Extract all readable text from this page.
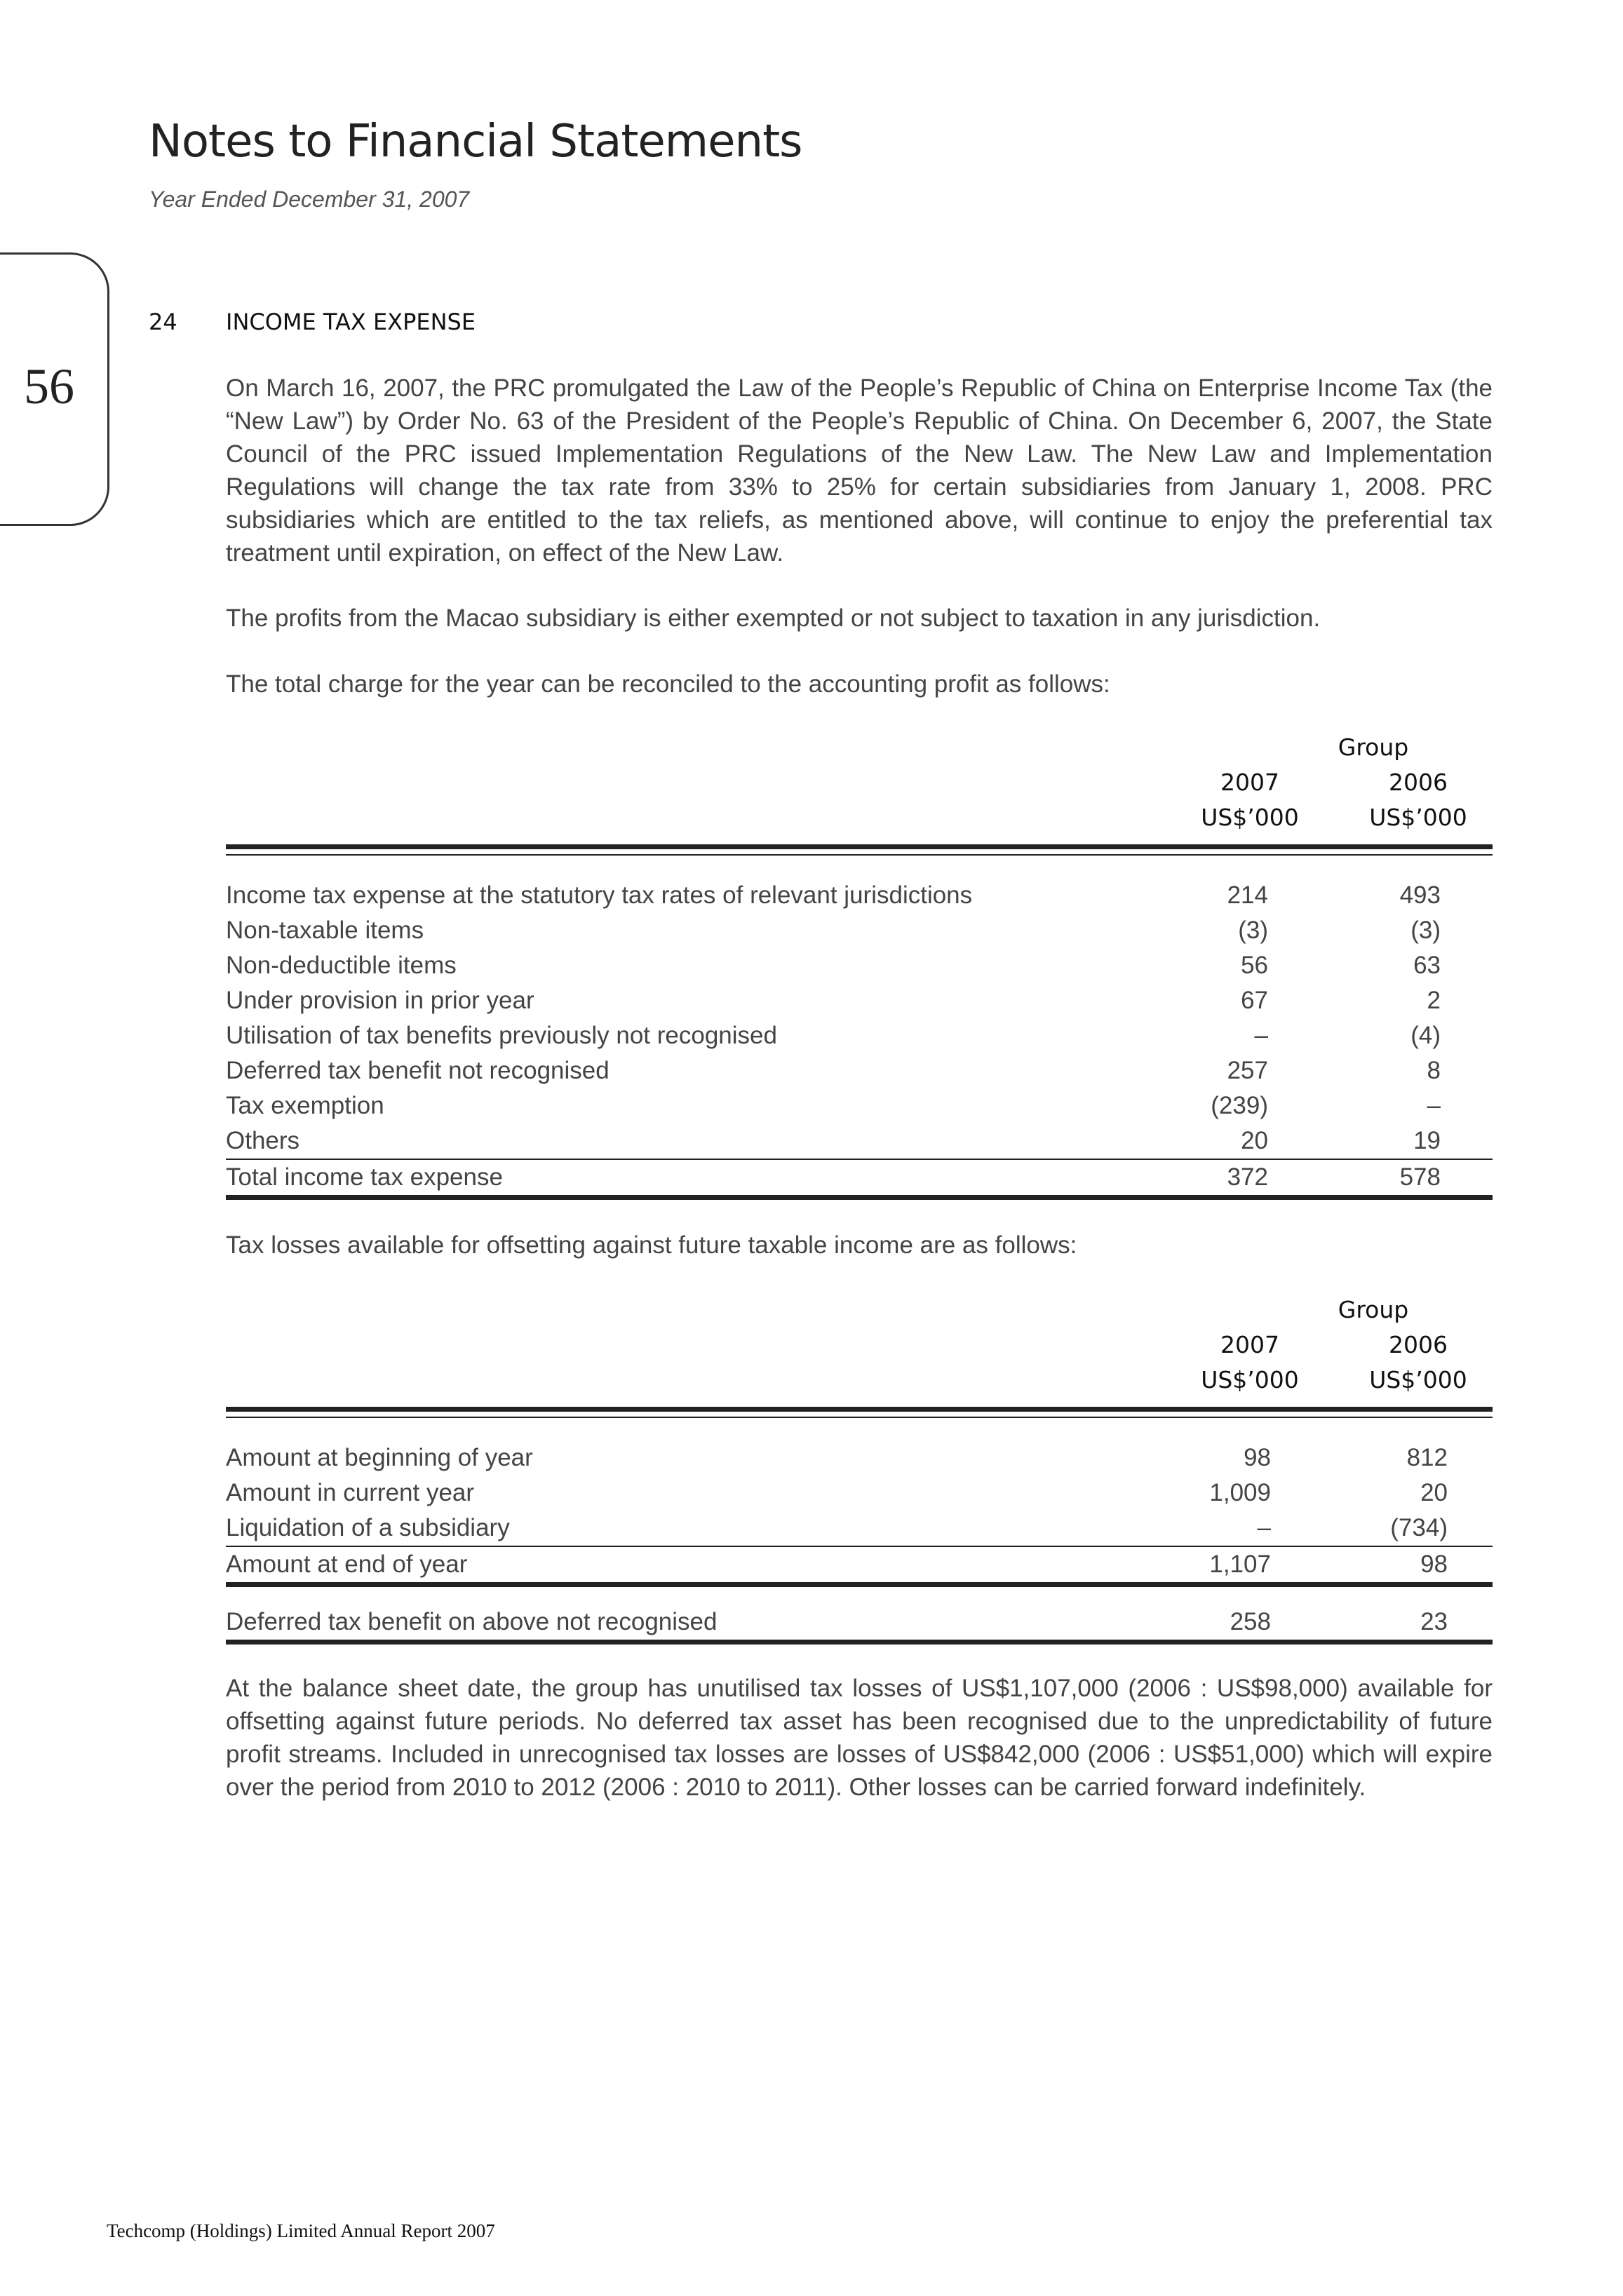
Notes to Financial Statements
Year Ended December 31, 2007
56
24 INCOME TAX EXPENSE
On March 16, 2007, the PRC promulgated the Law of the People’s Republic of China on Enterprise Income Tax (the “New Law”) by Order No. 63 of the President of the People’s Republic of China. On December 6, 2007, the State Council of the PRC issued Implementation Regulations of the New Law. The New Law and Implementation Regulations will change the tax rate from 33% to 25% for certain subsidiaries from January 1, 2008. PRC subsidiaries which are entitled to the tax reliefs, as mentioned above, will continue to enjoy the preferential tax treatment until expiration, on effect of the New Law.
The profits from the Macao subsidiary is either exempted or not subject to taxation in any jurisdiction.
The total charge for the year can be reconciled to the accounting profit as follows:
Group
2007	2006
US$’000	US$’000
Income tax expense at the statutory tax rates of relevant jurisdictions	214	493
Non-taxable items	(3)	(3)
Non-deductible items	56	63
Under provision in prior year	67	2
Utilisation of tax benefits previously not recognised	–	(4)
Deferred tax benefit not recognised	257	8
Tax exemption	(239)	–
Others	20	19
Total income tax expense	372	578
Tax losses available for offsetting against future taxable income are as follows:
Group
2007	2006
US$’000	US$’000
Amount at beginning of year	98	812
Amount in current year	1,009	20
Liquidation of a subsidiary	–	(734)
Amount at end of year	1,107	98
Deferred tax benefit on above not recognised	258	23
At the balance sheet date, the group has unutilised tax losses of US$1,107,000 (2006 : US$98,000) available for offsetting against future periods. No deferred tax asset has been recognised due to the unpredictability of future profit streams. Included in unrecognised tax losses are losses of US$842,000 (2006 : US$51,000) which will expire over the period from 2010 to 2012 (2006 : 2010 to 2011). Other losses can be carried forward indefinitely.
Techcomp (Holdings) Limited Annual Report 2007
